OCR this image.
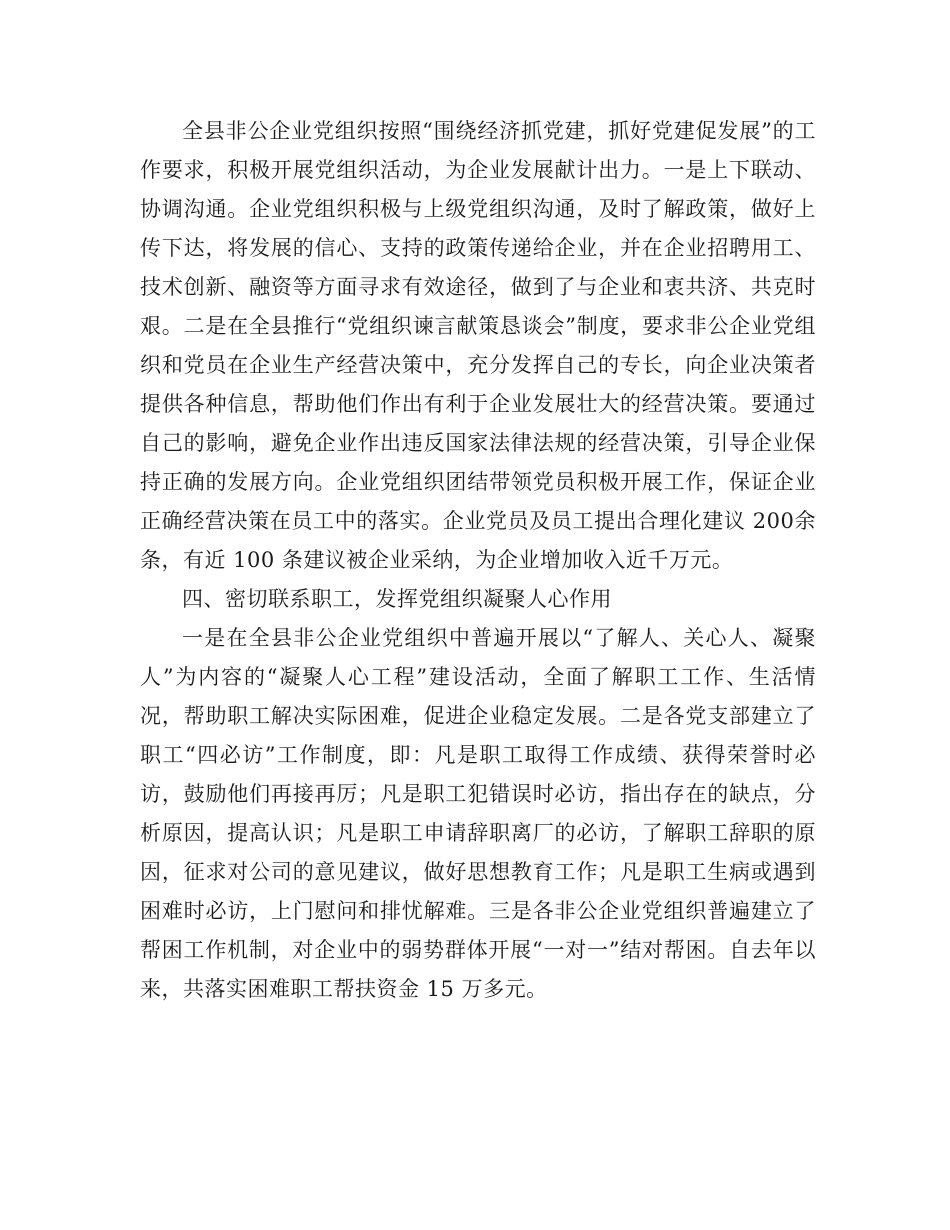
全县非公企业党组织按照“围绕经济抓党建，抓好党建促发展”的工作要求，积极开展党组织活动，为企业发展献计出力。一是上下联动、协调沟通。企业党组织积极与上级党组织沟通，及时了解政策，做好上传下达，将发展的信心、支持的政策传递给企业，并在企业招聘用工、技术创新、融资等方面寻求有效途径，做到了与企业和衷共济、共克时艰。二是在全县推行“党组织谏言献策恳谈会”制度，要求非公企业党组织和党员在企业生产经营决策中，充分发挥自己的专长，向企业决策者提供各种信息，帮助他们作出有利于企业发展壮大的经营决策。要通过自己的影响，避免企业作出违反国家法律法规的经营决策，引导企业保持正确的发展方向。企业党组织团结带领党员积极开展工作，保证企业正确经营决策在员工中的落实。企业党员及员工提出合理化建议 200余条，有近 100 条建议被企业采纳，为企业增加收入近千万元。

四、密切联系职工，发挥党组织凝聚人心作用

一是在全县非公企业党组织中普遍开展以“了解人、关心人、凝聚人”为内容的“凝聚人心工程”建设活动，全面了解职工工作、生活情况，帮助职工解决实际困难，促进企业稳定发展。二是各党支部建立了职工“四必访”工作制度，即：凡是职工取得工作成绩、获得荣誉时必访，鼓励他们再接再厉；凡是职工犯错误时必访，指出存在的缺点，分析原因，提高认识；凡是职工申请辞职离厂的必访，了解职工辞职的原因，征求对公司的意见建议，做好思想教育工作；凡是职工生病或遇到困难时必访，上门慰问和排忧解难。三是各非公企业党组织普遍建立了帮困工作机制，对企业中的弱势群体开展“一对一”结对帮困。自去年以来，共落实困难职工帮扶资金 15 万多元。
